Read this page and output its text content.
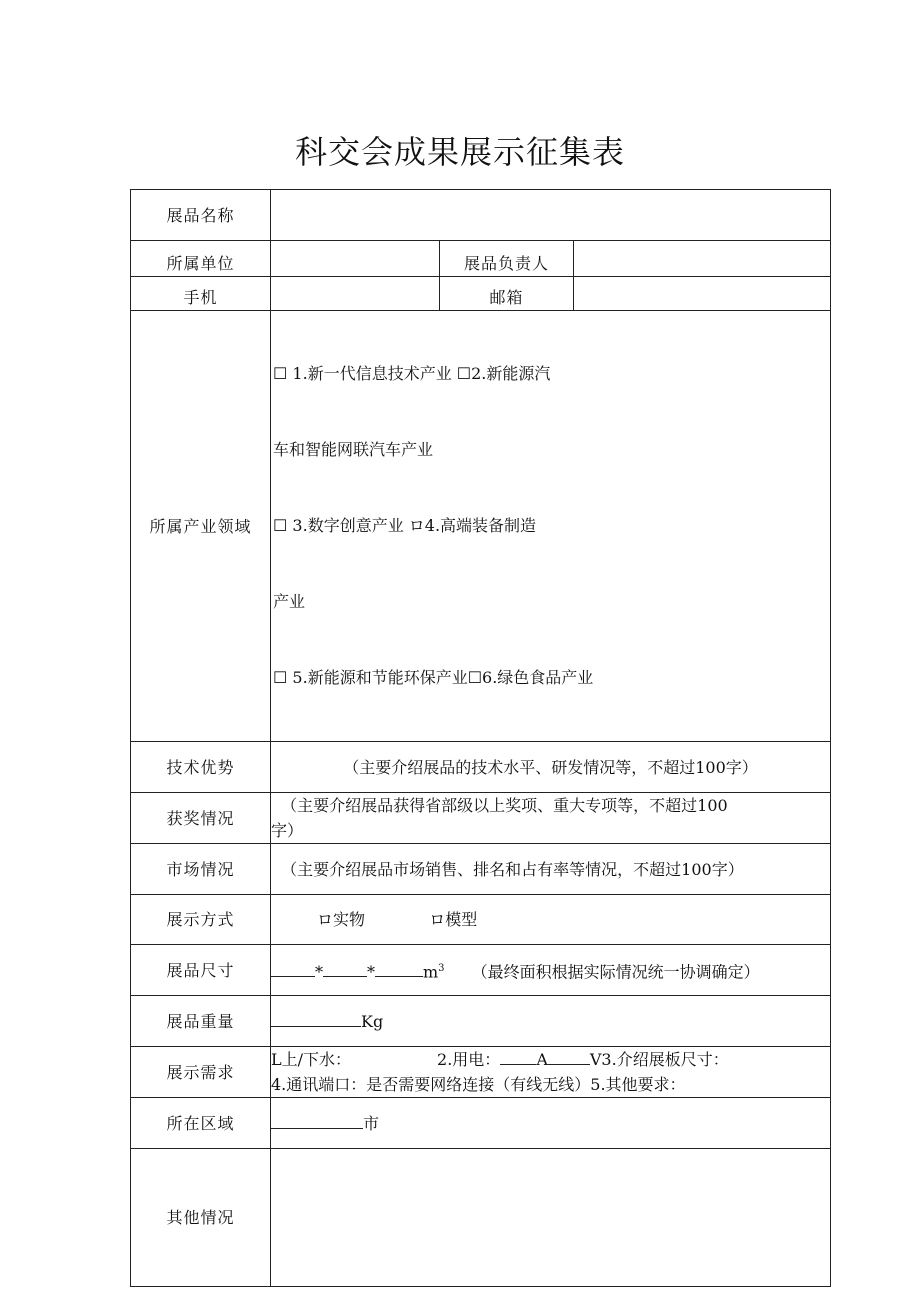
科交会成果展示征集表
展品名称			
所属单位		展品负责人	
手机		邮箱	
所属产业领域	☐ 1.新一代信息技术产业 ☐2.新能源汽

车和智能网联汽车产业

☐ 3.数字创意产业 ロ4.高端装备制造

产业

☐ 5.新能源和节能环保产业☐6.绿色食品产业		

技术优势	（主要介绍展品的技术水平、研发情况等，不超过100字）		
获奖情况	（主要介绍展品获得省部级以上奖项、重大专项等，不超过100
字）		

市场情况	（主要介绍展品市场销售、排名和占有率等情况，不超过100字）		
展示方式	ロ实物 ロ模型		
展品尺寸	* * $m^3$ （最终面积根据实际情况统一协调确定）		
展品重量	Kg		
展示需求	L上/下水： 2.用电： A V3.介绍展板尺寸：
4.通讯端口：是否需要网络连接（有线无线）5.其他要求：		

所在区域	市		
其他情况			
